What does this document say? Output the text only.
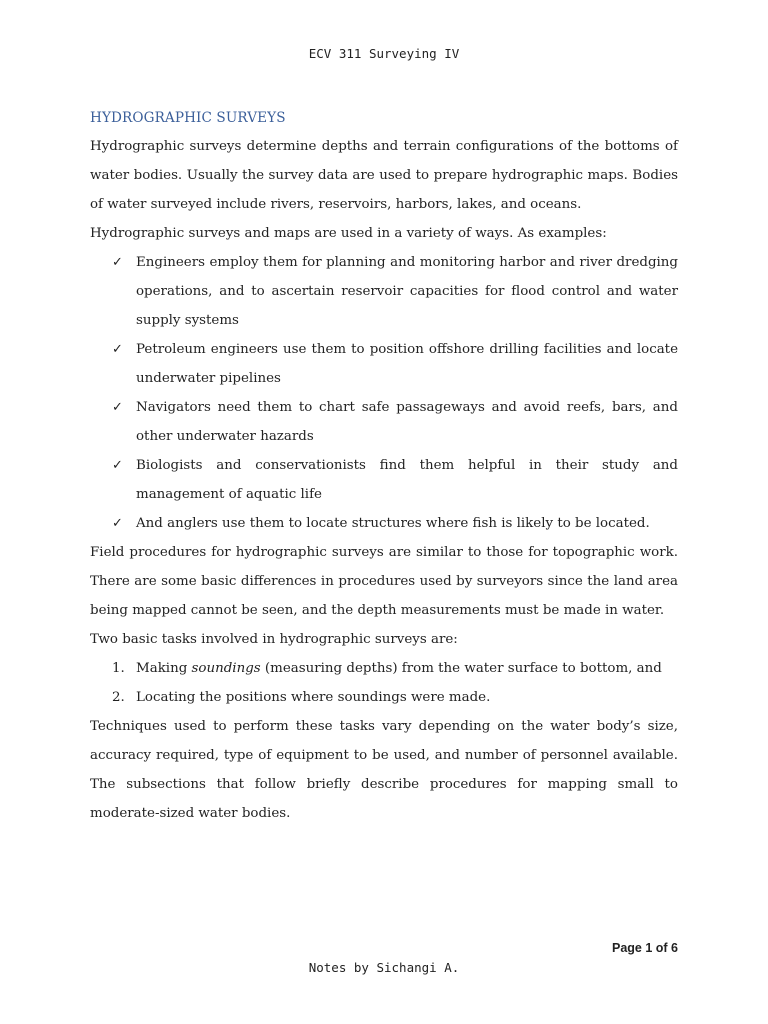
ECV 311 Surveying IV
HYDROGRAPHIC SURVEYS

Hydrographic surveys determine depths and terrain configurations of the bottoms of water bodies. Usually the survey data are used to prepare hydrographic maps. Bodies of water surveyed include rivers, reservoirs, harbors, lakes, and oceans.

Hydrographic surveys and maps are used in a variety of ways. As examples:

✓ Engineers employ them for planning and monitoring harbor and river dredging operations, and to ascertain reservoir capacities for flood control and water supply systems
✓ Petroleum engineers use them to position offshore drilling facilities and locate underwater pipelines
✓ Navigators need them to chart safe passageways and avoid reefs, bars, and other underwater hazards
✓ Biologists and conservationists find them helpful in their study and management of aquatic life
✓ And anglers use them to locate structures where fish is likely to be located.

Field procedures for hydrographic surveys are similar to those for topographic work. There are some basic differences in procedures used by surveyors since the land area being mapped cannot be seen, and the depth measurements must be made in water.

Two basic tasks involved in hydrographic surveys are:

1. Making soundings (measuring depths) from the water surface to bottom, and
2. Locating the positions where soundings were made.

Techniques used to perform these tasks vary depending on the water body’s size, accuracy required, type of equipment to be used, and number of personnel available. The subsections that follow briefly describe procedures for mapping small to moderate-sized water bodies.

Page 1 of 6
Notes by Sichangi A.
